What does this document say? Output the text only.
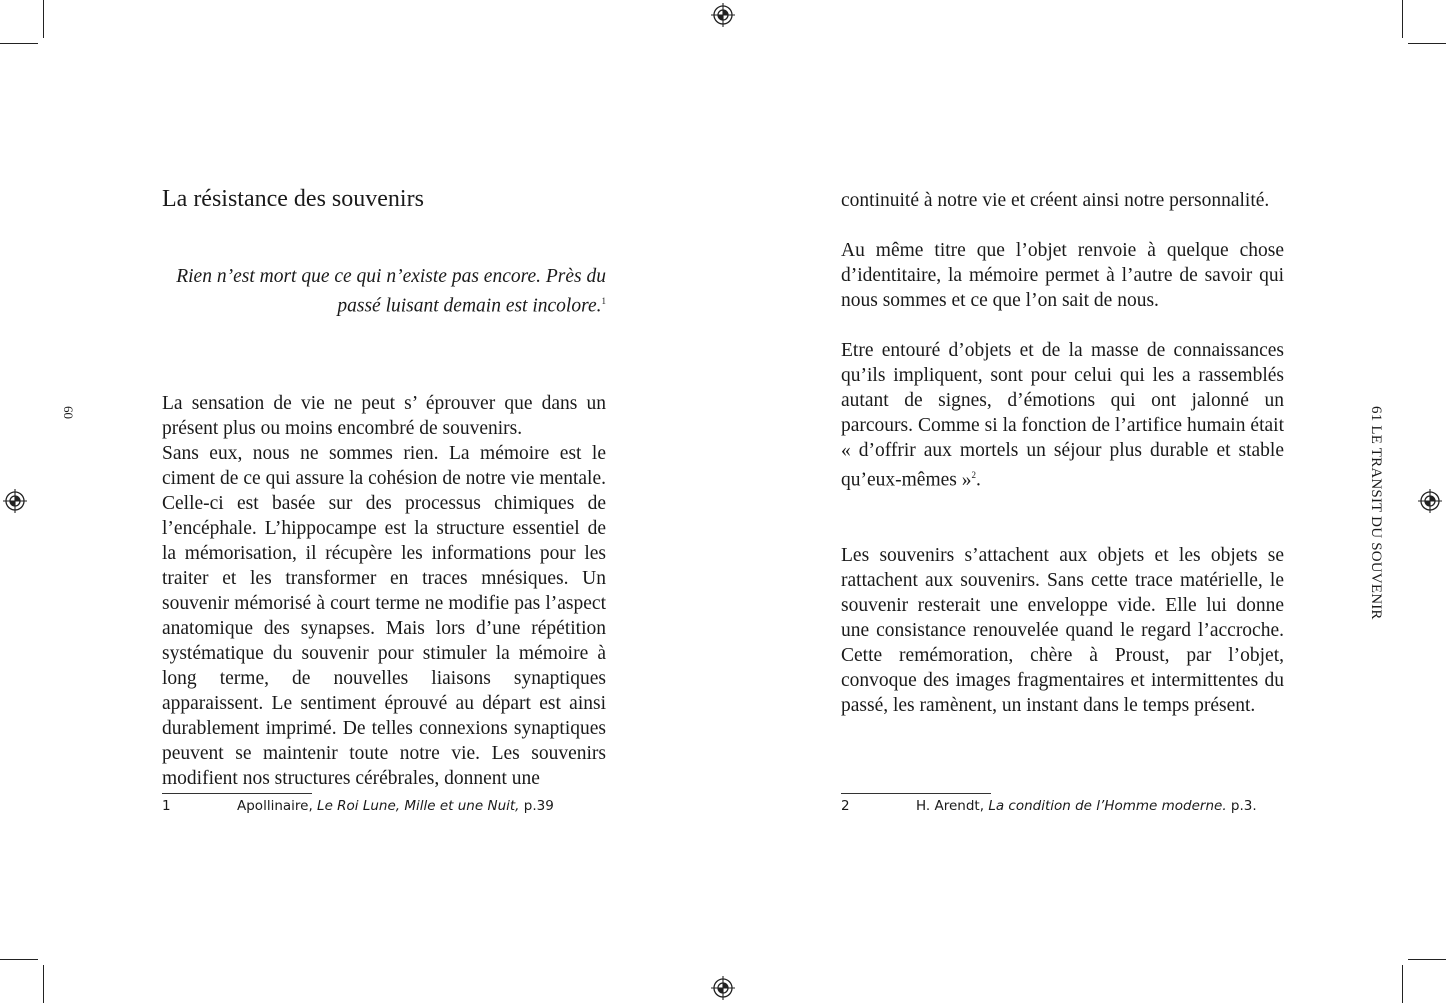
60
La résistance des souvenirs
Rien n’est mort que ce qui n’existe pas encore. Près du
passé luisant demain est incolore.$^1$

La sensation de vie ne peut s’ éprouver que dans un présent plus ou moins encombré de souvenirs.

Sans eux, nous ne sommes rien. La mémoire est le ciment de ce qui assure la cohésion de notre vie mentale. Celle-ci est basée sur des processus chimiques de l’encéphale. L’hippocampe est la structure essentiel de la mémorisation, il récupère les informations pour les traiter et les transformer en traces mnésiques. Un souvenir mémorisé à court terme ne modifie pas l’aspect anatomique des synapses. Mais lors d’une répétition systématique du souvenir pour stimuler la mémoire à long terme, de nouvelles liaisons synaptiques apparaissent. Le sentiment éprouvé au départ est ainsi durablement imprimé. De telles connexions synaptiques peuvent se maintenir toute notre vie. Les souvenirs modifient nos structures cérébrales, donnent une

1	Apollinaire, Le Roi Lune, Mille et une Nuit, p.39
61 LE TRANSIT DU SOUVENIR

continuité à notre vie et créent ainsi notre personnalité.

Au même titre que l’objet renvoie à quelque chose d’identitaire, la mémoire permet à l’autre de savoir qui nous sommes et ce que l’on sait de nous.

Etre entouré d’objets et de la masse de connaissances qu’ils impliquent, sont pour celui qui les a rassemblés autant de signes, d’émotions qui ont jalonné un parcours. Comme si la fonction de l’artifice humain était « d’offrir aux mortels un séjour plus durable et stable qu’eux-mêmes »$^2$.

Les souvenirs s’attachent aux objets et les objets se rattachent aux souvenirs. Sans cette trace matérielle, le souvenir resterait une enveloppe vide. Elle lui donne une consistance renouvelée quand le regard l’accroche. Cette remémoration, chère à Proust, par l’objet, convoque des images fragmentaires et intermittentes du passé, les ramènent, un instant dans le temps présent.

2	H. Arendt, La condition de l’Homme moderne. p.3.
